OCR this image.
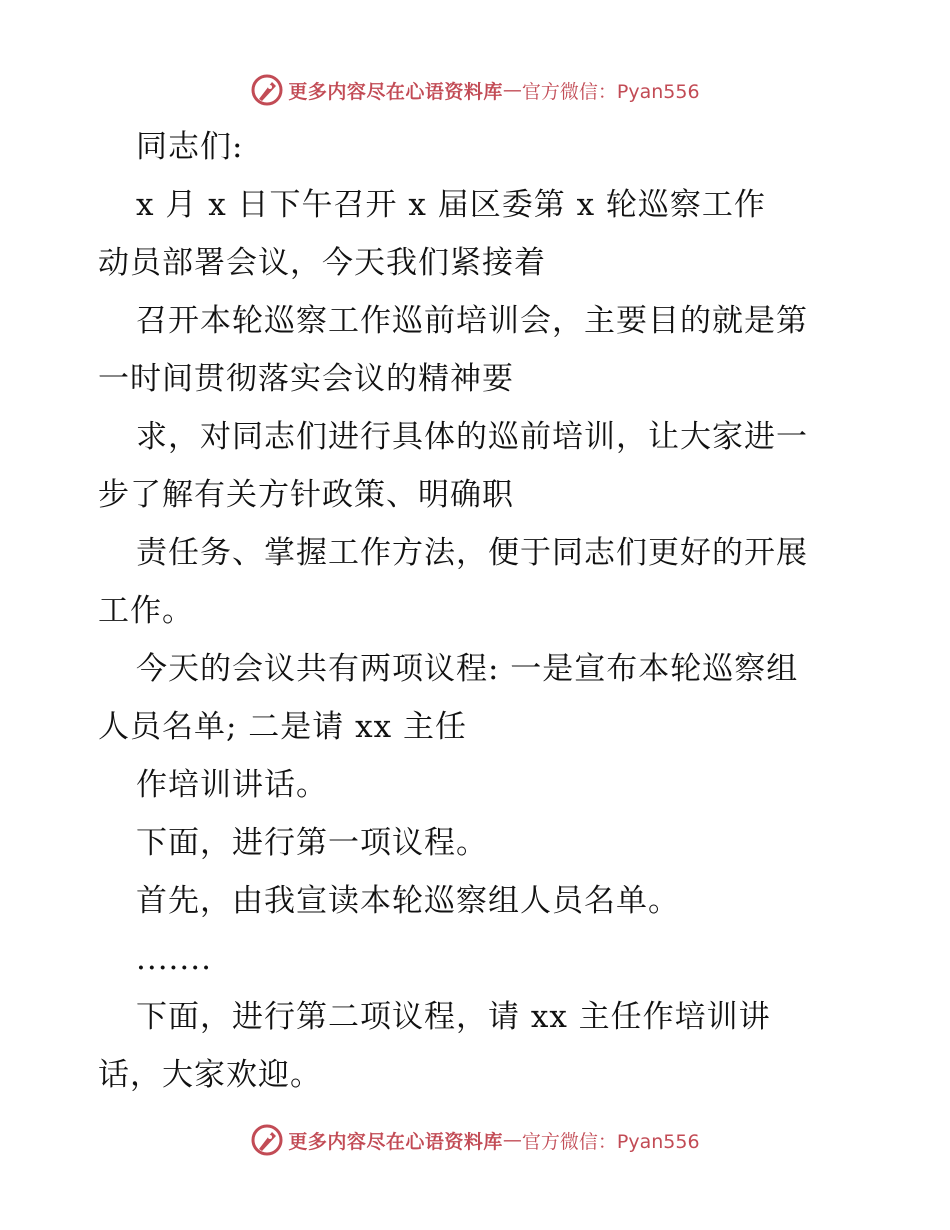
更多内容尽在心语资料库 — 官方微信：Pyan556
同志们:
x 月 x 日下午召开 x 届区委第 x 轮巡察工作
动员部署会议，今天我们紧接着
召开本轮巡察工作巡前培训会，主要目的就是第
一时间贯彻落实会议的精神要
求，对同志们进行具体的巡前培训，让大家进一
步了解有关方针政策、明确职
责任务、掌握工作方法，便于同志们更好的开展
工作。
今天的会议共有两项议程: 一是宣布本轮巡察组
人员名单; 二是请 xx 主任
作培训讲话。
下面，进行第一项议程。
首先，由我宣读本轮巡察组人员名单。
.......
下面，进行第二项议程，请 xx 主任作培训讲
话，大家欢迎。
更多内容尽在心语资料库 — 官方微信：Pyan556
